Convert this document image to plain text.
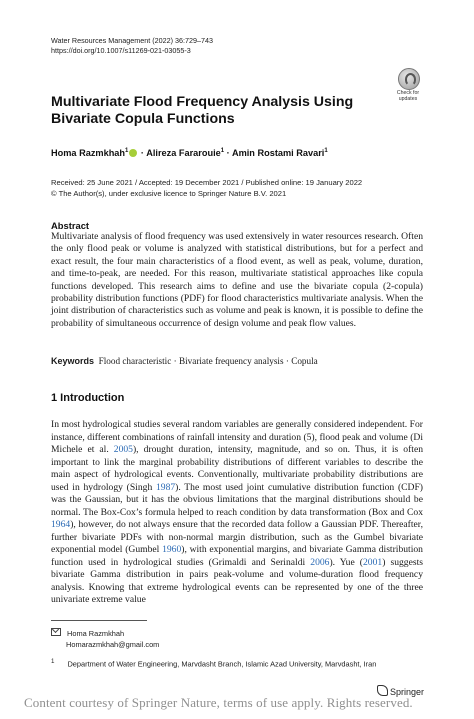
Water Resources Management (2022) 36:729–743
https://doi.org/10.1007/s11269-021-03055-3
Check for
updates
Multivariate Flood Frequency Analysis Using Bivariate Copula Functions
Homa Razmkhah$^1$ · Alireza Fararouie$^1$ · Amin Rostami Ravari$^1$
Received: 25 June 2021 / Accepted: 19 December 2021 / Published online: 19 January 2022
© The Author(s), under exclusive licence to Springer Nature B.V. 2021
Abstract
Multivariate analysis of flood frequency was used extensively in water resources research. Often the only flood peak or volume is analyzed with statistical distributions, but for a perfect and exact result, the four main characteristics of a flood event, as well as peak, volume, duration, and time-to-peak, are needed. For this reason, multivariate statistical approaches like copula functions developed. This research aims to define and use the bivariate copula (2-copula) probability distribution functions (PDF) for flood characteristics multivariate analysis. When the joint distribution of characteristics such as volume and peak is known, it is possible to define the probability of simultaneous occurrence of design volume and peak flow values.
Keywords Flood characteristic · Bivariate frequency analysis · Copula
1 Introduction
In most hydrological studies several random variables are generally considered independent. For instance, different combinations of rainfall intensity and duration (5), flood peak and volume (Di Michele et al. 2005), drought duration, intensity, magnitude, and so on. Thus, it is often important to link the marginal probability distributions of different variables to describe the main aspect of hydrological events. Conventionally, multivariate probability distributions are used in hydrology (Singh 1987). The most used joint cumulative distribution function (CDF) was the Gaussian, but it has the obvious limitations that the marginal distributions should be normal. The Box-Cox’s formula helped to reach condition by data transformation (Box and Cox 1964), however, do not always ensure that the recorded data follow a Gaussian PDF. Thereafter, further bivariate PDFs with non-normal margin distribution, such as the Gumbel bivariate exponential model (Gumbel 1960), with exponential margins, and bivariate Gamma distribution function used in hydrological studies (Grimaldi and Serinaldi 2006). Yue (2001) suggests bivariate Gamma distribution in pairs peak-volume and volume-duration flood frequency analysis. Knowing that extreme hydrological events can be represented by one of the three univariate extreme value
Homa Razmkhah
Homarazmkhah@gmail.com
$^1$ Department of Water Engineering, Marvdasht Branch, Islamic Azad University, Marvdasht, Iran
Springer
Content courtesy of Springer Nature, terms of use apply. Rights reserved.
